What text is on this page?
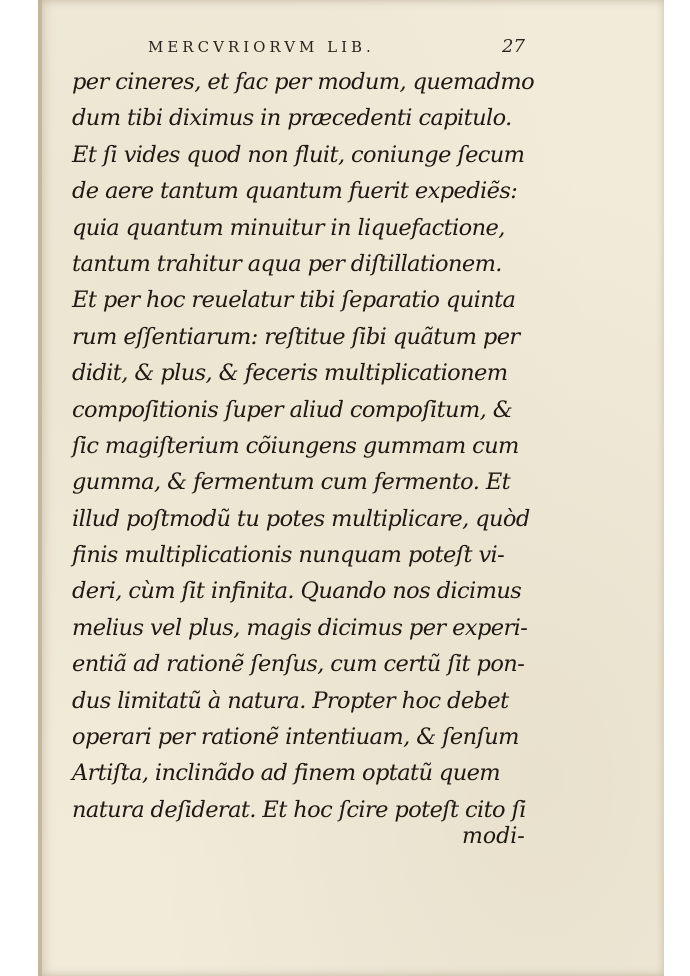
MERCVRIORVM LIB.	27
per cineres, et fac per modum, quemadmo
dum tibi diximus in præcedenti capitulo.
Et ſi vides quod non fluit, coniunge ſecum
de aere tantum quantum fuerit expediẽs:
quia quantum minuitur in liquefactione,
tantum trahitur aqua per diſtillationem.
Et per hoc reuelatur tibi ſeparatio quinta
rum eſſentiarum: reſtitue ſibi quãtum per
didit, & plus, & feceris multiplicationem
compoſitionis ſuper aliud compoſitum, &
ſic magiſterium cõiungens gummam cum
gumma, & fermentum cum fermento. Et
illud poſtmodũ tu potes multiplicare, quòd
finis multiplicationis nunquam poteſt vi-
deri, cùm ſit infinita. Quando nos dicimus
melius vel plus, magis dicimus per experi-
entiã ad rationẽ ſenſus, cum certũ ſit pon-
dus limitatũ à natura. Propter hoc debet
operari per rationẽ intentiuam, & ſenſum
Artiſta, inclinãdo ad finem optatũ quem
natura deſiderat. Et hoc ſcire poteſt cito ſi
modi-
